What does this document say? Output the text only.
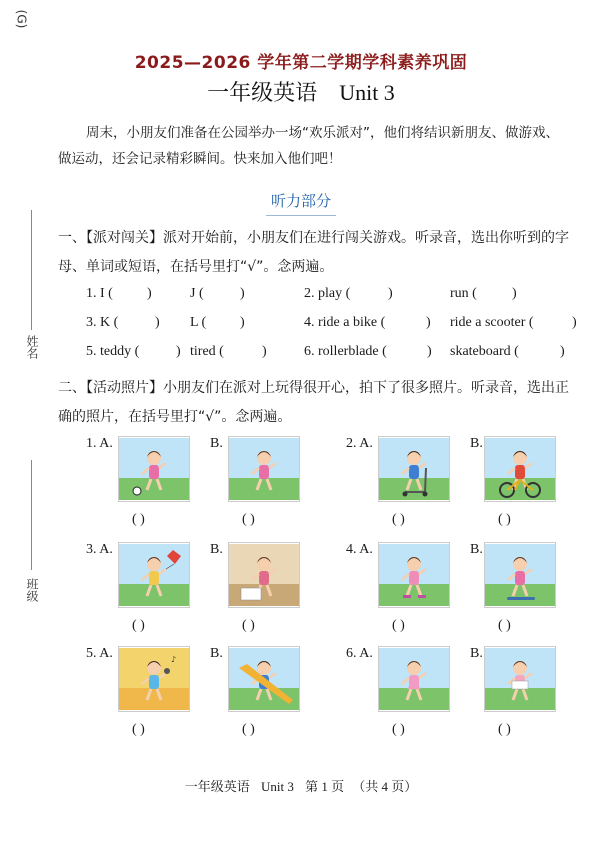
(G)
姓名
班级
2025—2026 学年第二学期学科素养巩固
一年级英语 Unit 3
周末，小朋友们准备在公园举办一场“欢乐派对”，他们将结识新朋友、做游戏、做运动，还会记录精彩瞬间。快来加入他们吧！
听力部分
一、【派对闯关】派对开始前，小朋友们在进行闯关游戏。听录音，选出你听到的字母、单词或短语，在括号里打“√”。念两遍。
1. I ( )	J (	)	2. play (	)	run (	)
3. K (	) L ( )	4. ride a bike (	) ride a scooter (	)
5. teddy (	) tired (	)	6. rollerblade (	) skateboard (	)
二、【活动照片】小朋友们在派对上玩得很开心，拍下了很多照片。听录音，选出正确的照片，在括号里打“√”。念两遍。
1. A.	B.
( )	( )
2. A.	B.
( )	( )
3. A.	B.
( )	( )
4. A.	B.
( )	( )
5. A.	B.
♪
( )	( )
6. A.	B.
( )	( )
一年级英语 Unit 3 第 1 页 （共 4 页）
